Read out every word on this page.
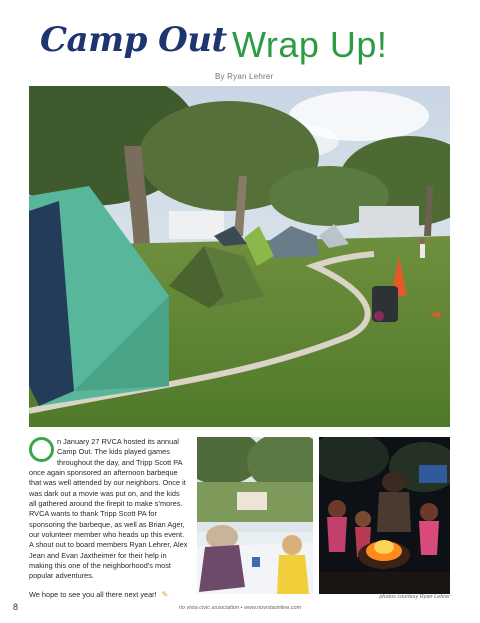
Camp Out Wrap Up!
By Ryan Lehrer

n January 27 RVCA hosted its annual Camp Out. The kids played games throughout the day, and Tripp Scott PA once again sponsored an afternoon barbeque that was well attended by our neighbors. Once it was dark out a movie was put on, and the kids all gathered around the firepit to make s’mores. RVCA wants to thank Tripp Scott PA for sponsoring the barbeque, as well as Brian Ager, our volunteer member who heads up this event. A shout out to board members Ryan Lehrer, Alex Jean and Evan Jaxtheimer for their help in making this one of the neighborhood’s most popular adventures.

We hope to see you all there next year! ✎	photos courtesy Ryan Lehrer
8	rio vista civic association • www.riovistaonline.com
